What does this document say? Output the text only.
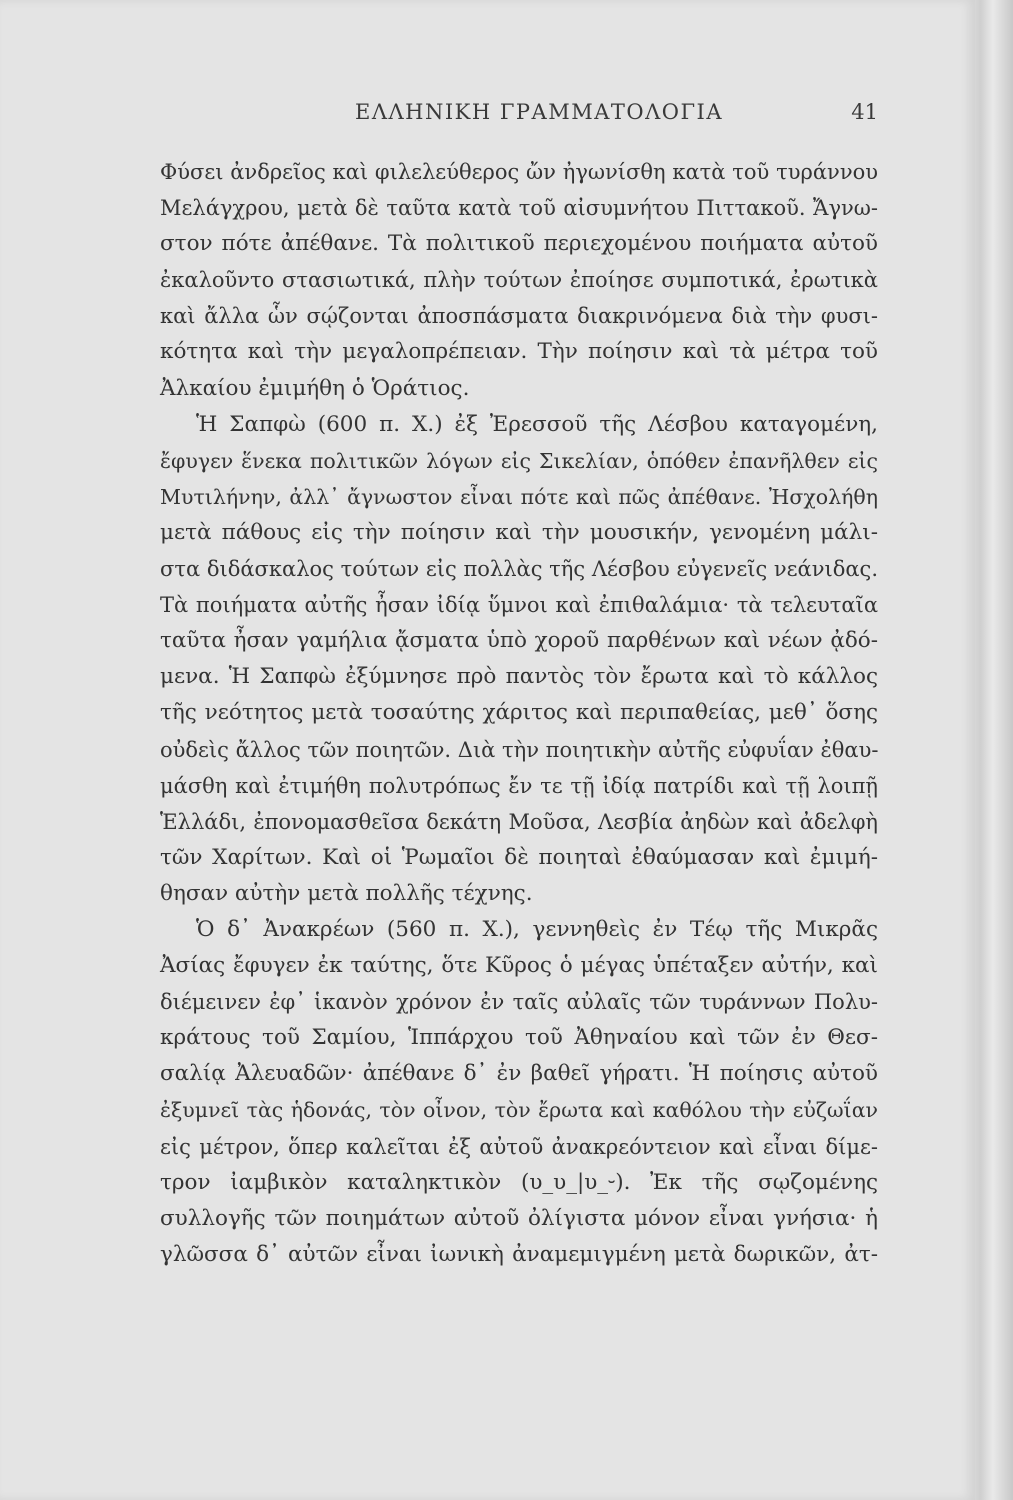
ΕΛΛΗΝΙΚΗ ΓΡΑΜΜΑΤΟΛΟΓΙΑ	41
Φύσει ἀνδρεῖος καὶ φιλελεύθερος ὤν ἠγωνίσθη κατὰ τοῦ τυράννου
Μελάγχρου, μετὰ δὲ ταῦτα κατὰ τοῦ αἰσυμνήτου Πιττακοῦ. Ἄγνω-
στον πότε ἀπέθανε. Τὰ πολιτικοῦ περιεχομένου ποιήματα αὐτοῦ
ἐκαλοῦντο στασιωτικά, πλὴν τούτων ἐποίησε συμποτικά, ἐρωτικὰ
καὶ ἄλλα ὧν σῴζονται ἀποσπάσματα διακρινόμενα διὰ τὴν φυσι-
κότητα καὶ τὴν μεγαλοπρέπειαν. Τὴν ποίησιν καὶ τὰ μέτρα τοῦ
Ἀλκαίου ἐμιμήθη ὁ Ὁράτιος.
Ἡ Σαπφὼ (600 π. Χ.) ἐξ Ἐρεσσοῦ τῆς Λέσβου καταγομένη,
ἔφυγεν ἕνεκα πολιτικῶν λόγων εἰς Σικελίαν, ὁπόθεν ἐπανῆλθεν εἰς
Μυτιλήνην, ἀλλ᾽ ἄγνωστον εἶναι πότε καὶ πῶς ἀπέθανε. Ἠσχολήθη
μετὰ πάθους εἰς τὴν ποίησιν καὶ τὴν μουσικήν, γενομένη μάλι-
στα διδάσκαλος τούτων εἰς πολλὰς τῆς Λέσβου εὐγενεῖς νεάνιδας.
Τὰ ποιήματα αὐτῆς ἦσαν ἰδίᾳ ὕμνοι καὶ ἐπιθαλάμια· τὰ τελευταῖα
ταῦτα ἦσαν γαμήλια ᾄσματα ὑπὸ χοροῦ παρθένων καὶ νέων ᾀδό-
μενα. Ἡ Σαπφὼ ἐξύμνησε πρὸ παντὸς τὸν ἔρωτα καὶ τὸ κάλλος
τῆς νεότητος μετὰ τοσαύτης χάριτος καὶ περιπαθείας, μεθ᾽ ὅσης
οὐδεὶς ἄλλος τῶν ποιητῶν. Διὰ τὴν ποιητικὴν αὐτῆς εὐφυΐαν ἐθαυ-
μάσθη καὶ ἐτιμήθη πολυτρόπως ἔν τε τῇ ἰδίᾳ πατρίδι καὶ τῇ λοιπῇ
Ἑλλάδι, ἐπονομασθεῖσα δεκάτη Μοῦσα, Λεσβία ἀηδὼν καὶ ἀδελφὴ
τῶν Χαρίτων. Καὶ οἱ Ῥωμαῖοι δὲ ποιηταὶ ἐθαύμασαν καὶ ἐμιμή-
θησαν αὐτὴν μετὰ πολλῆς τέχνης.
Ὁ δ᾽ Ἀνακρέων (560 π. Χ.), γεννηθεὶς ἐν Τέῳ τῆς Μικρᾶς
Ἀσίας ἔφυγεν ἐκ ταύτης, ὅτε Κῦρος ὁ μέγας ὑπέταξεν αὐτήν, καὶ
διέμεινεν ἐφ᾽ ἱκανὸν χρόνον ἐν ταῖς αὐλαῖς τῶν τυράννων Πολυ-
κράτους τοῦ Σαμίου, Ἱππάρχου τοῦ Ἀθηναίου καὶ τῶν ἐν Θεσ-
σαλίᾳ Ἀλευαδῶν· ἀπέθανε δ᾽ ἐν βαθεῖ γήρατι. Ἡ ποίησις αὐτοῦ
ἐξυμνεῖ τὰς ἡδονάς, τὸν οἶνον, τὸν ἔρωτα καὶ καθόλου τὴν εὐζωΐαν
εἰς μέτρον, ὅπερ καλεῖται ἐξ αὐτοῦ ἀνακρεόντειον καὶ εἶναι δίμε-
τρον ἰαμβικὸν καταληκτικὸν (υ_υ_|υ_⏑). Ἐκ τῆς σῳζομένης
συλλογῆς τῶν ποιημάτων αὐτοῦ ὀλίγιστα μόνον εἶναι γνήσια· ἡ
γλῶσσα δ᾽ αὐτῶν εἶναι ἰωνικὴ ἀναμεμιγμένη μετὰ δωρικῶν, ἀτ-
